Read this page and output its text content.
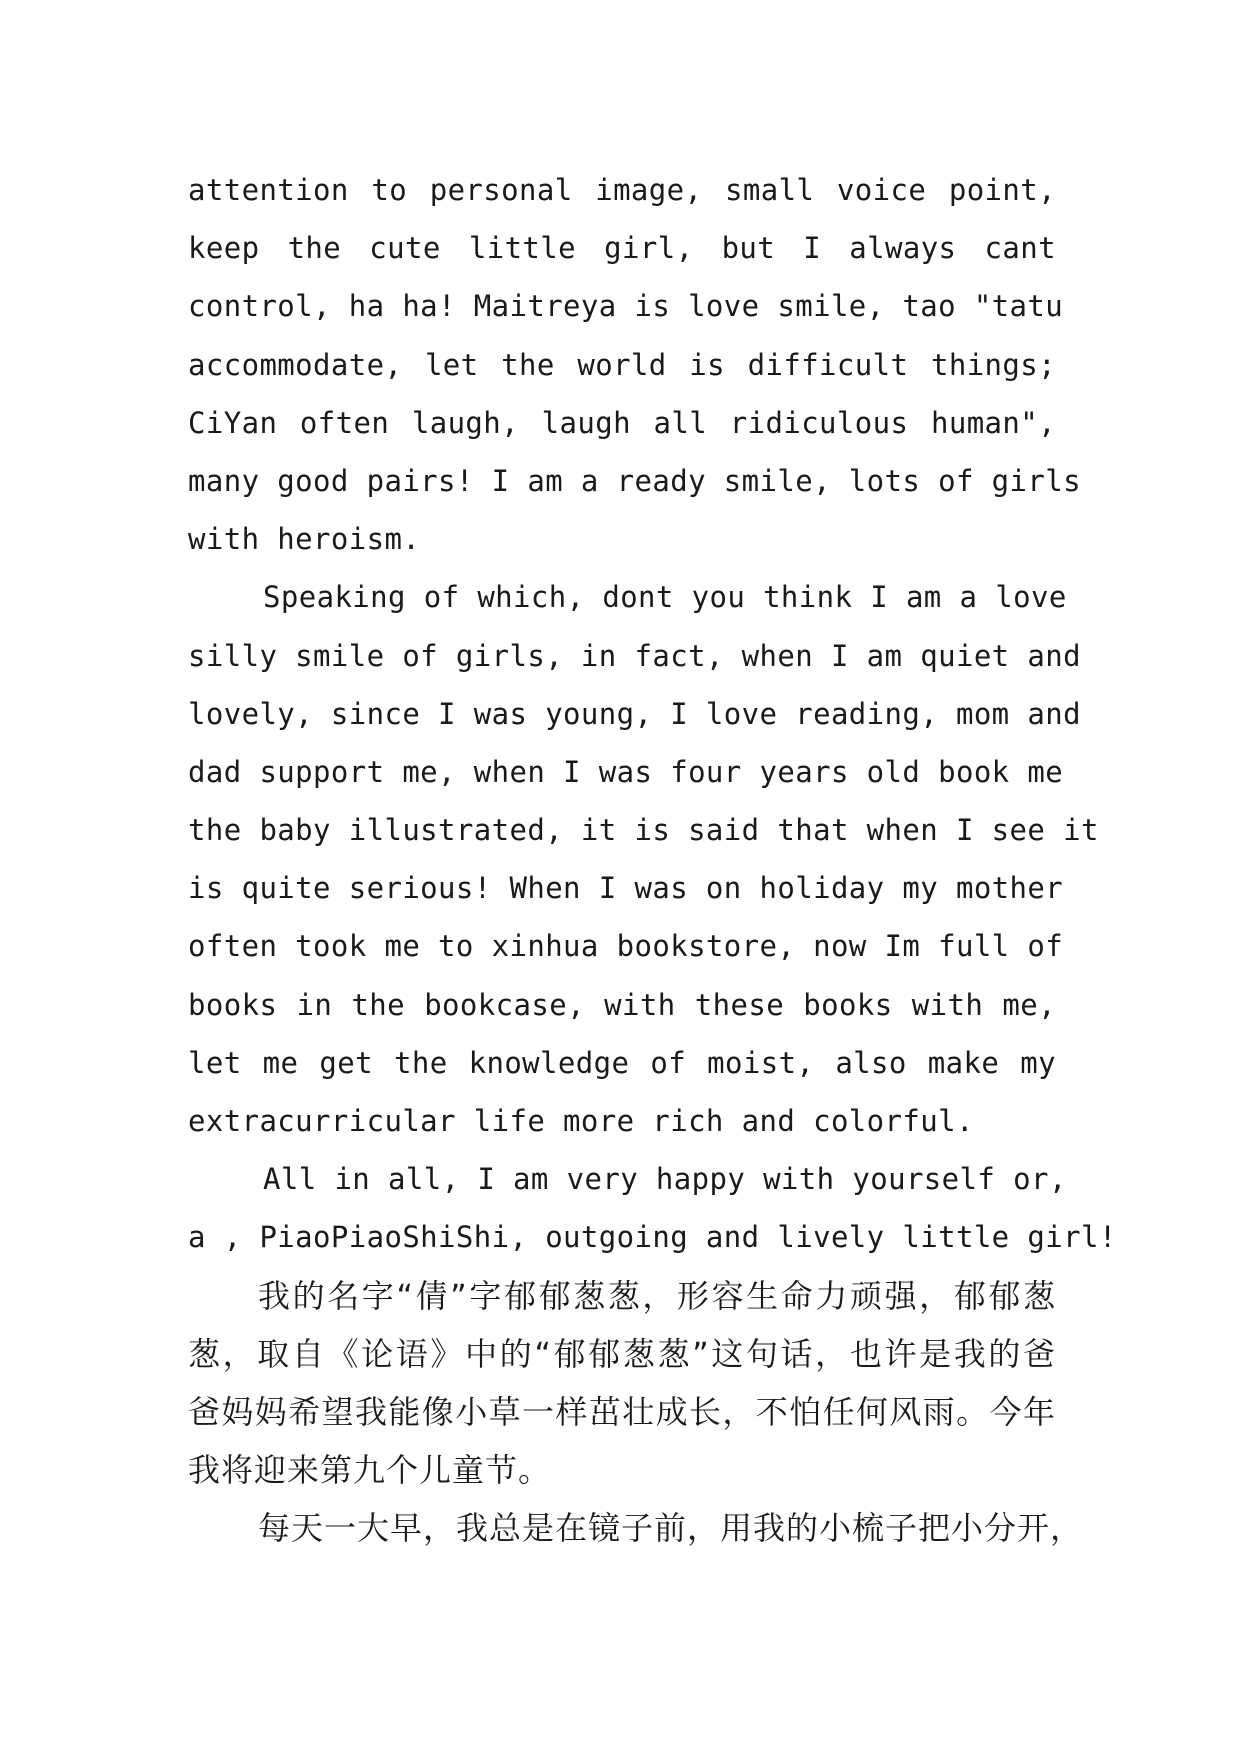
attention to personal image, small voice point,
keep the cute little girl, but I always cant
control, ha ha! Maitreya is love smile, tao "tatu
accommodate, let the world is difficult things;
CiYan often laugh, laugh all ridiculous human",
many good pairs! I am a ready smile, lots of girls
with heroism.
Speaking of which, dont you think I am a love
silly smile of girls, in fact, when I am quiet and
lovely, since I was young, I love reading, mom and
dad support me, when I was four years old book me
the baby illustrated, it is said that when I see it
is quite serious! When I was on holiday my mother
often took me to xinhua bookstore, now Im full of
books in the bookcase, with these books with me,
let me get the knowledge of moist, also make my
extracurricular life more rich and colorful.
All in all, I am very happy with yourself or,
a , PiaoPiaoShiShi, outgoing and lively little girl!
我的名字“倩”字郁郁葱葱，形容生命力顽强，郁郁葱
葱，取自《论语》中的“郁郁葱葱”这句话，也许是我的爸
爸妈妈希望我能像小草一样茁壮成长，不怕任何风雨。今年
我将迎来第九个儿童节。
每天一大早，我总是在镜子前，用我的小梳子把小分开，
